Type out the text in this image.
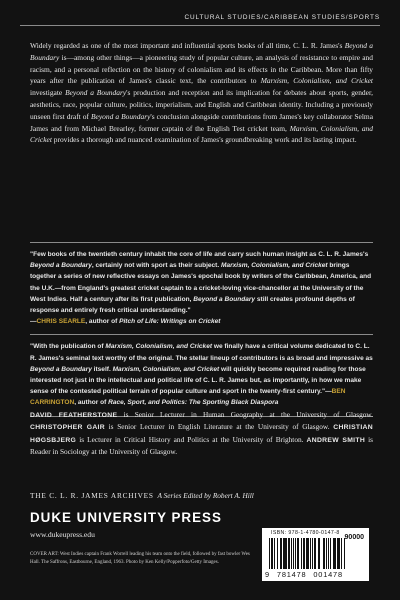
CULTURAL STUDIES/CARIBBEAN STUDIES/SPORTS

Widely regarded as one of the most important and influential sports books of all time, C. L. R. James's Beyond a Boundary is—among other things—a pioneering study of popular culture, an analysis of resistance to empire and racism, and a personal reflection on the history of colonialism and its effects in the Caribbean. More than fifty years after the publication of James's classic text, the contributors to Marxism, Colonialism, and Cricket investigate Beyond a Boundary's production and reception and its implication for debates about sports, gender, aesthetics, race, popular culture, politics, imperialism, and English and Caribbean identity. Including a previously unseen first draft of Beyond a Boundary's conclusion alongside contributions from James's key collaborator Selma James and from Michael Brearley, former captain of the English Test cricket team, Marxism, Colonialism, and Cricket provides a thorough and nuanced examination of James's groundbreaking work and its lasting impact.

"Few books of the twentieth century inhabit the core of life and carry such human insight as C. L. R. James's Beyond a Boundary, certainly not with sport as their subject. Marxism, Colonialism, and Cricket brings together a series of new reflective essays on James's epochal book by writers of the Caribbean, America, and the U.K.—from England's greatest cricket captain to a cricket-loving vice-chancellor at the University of the West Indies. Half a century after its first publication, Beyond a Boundary still creates profound depths of response and entirely fresh critical understanding."
—CHRIS SEARLE, author of Pitch of Life: Writings on Cricket

"With the publication of Marxism, Colonialism, and Cricket we finally have a critical volume dedicated to C. L. R. James's seminal text worthy of the original. The stellar lineup of contributors is as broad and impressive as Beyond a Boundary itself. Marxism, Colonialism, and Cricket will quickly become required reading for those interested not just in the intellectual and political life of C. L. R. James but, as importantly, in how we make sense of the contested political terrain of popular culture and sport in the twenty-first century."—BEN CARRINGTON, author of Race, Sport, and Politics: The Sporting Black Diaspora

DAVID FEATHERSTONE is Senior Lecturer in Human Geography at the University of Glasgow. CHRISTOPHER GAIR is Senior Lecturer in English Literature at the University of Glasgow. CHRISTIAN HØGSBJERG is Lecturer in Critical History and Politics at the University of Brighton. ANDREW SMITH is Reader in Sociology at the University of Glasgow.

THE C. L. R. JAMES ARCHIVES A Series Edited by Robert A. Hill
DUKE UNIVERSITY PRESS
www.dukeupress.edu

COVER ART: West Indies captain Frank Worrell leading his team onto the field, followed by fast bowler Wes Hall. The Saffrons, Eastbourne, England, 1963. Photo by Ken Kelly/Popperfoto/Getty Images.

ISBN: 978-1-4780-0147-8
90000
9 781478 001478
